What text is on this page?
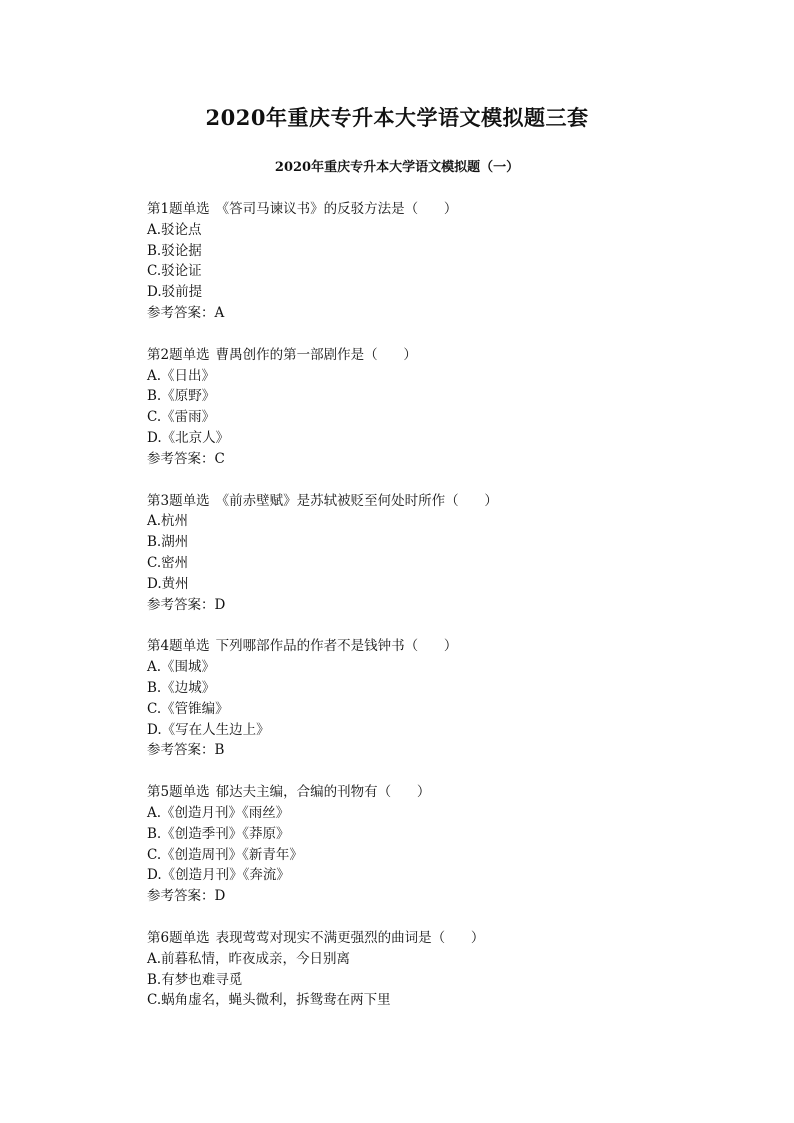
2020年重庆专升本大学语文模拟题三套
2020年重庆专升本大学语文模拟题（一）
第1题单选 《答司马谏议书》的反驳方法是（      ）
A.驳论点
B.驳论据
C.驳论证
D.驳前提
参考答案：A
第2题单选 曹禺创作的第一部剧作是（      ）
A.《日出》
B.《原野》
C.《雷雨》
D.《北京人》
参考答案：C
第3题单选 《前赤壁赋》是苏轼被贬至何处时所作（      ）
A.杭州
B.湖州
C.密州
D.黄州
参考答案：D
第4题单选 下列哪部作品的作者不是钱钟书（      ）
A.《围城》
B.《边城》
C.《管锥编》
D.《写在人生边上》
参考答案：B
第5题单选 郁达夫主编，合编的刊物有（      ）
A.《创造月刊》《雨丝》
B.《创造季刊》《莽原》
C.《创造周刊》《新青年》
D.《创造月刊》《奔流》
参考答案：D
第6题单选 表现莺莺对现实不满更强烈的曲词是（      ）
A.前暮私情，昨夜成亲，今日别离
B.有梦也难寻觅
C.蜗角虚名，蝇头微利，拆鸳鸯在两下里
